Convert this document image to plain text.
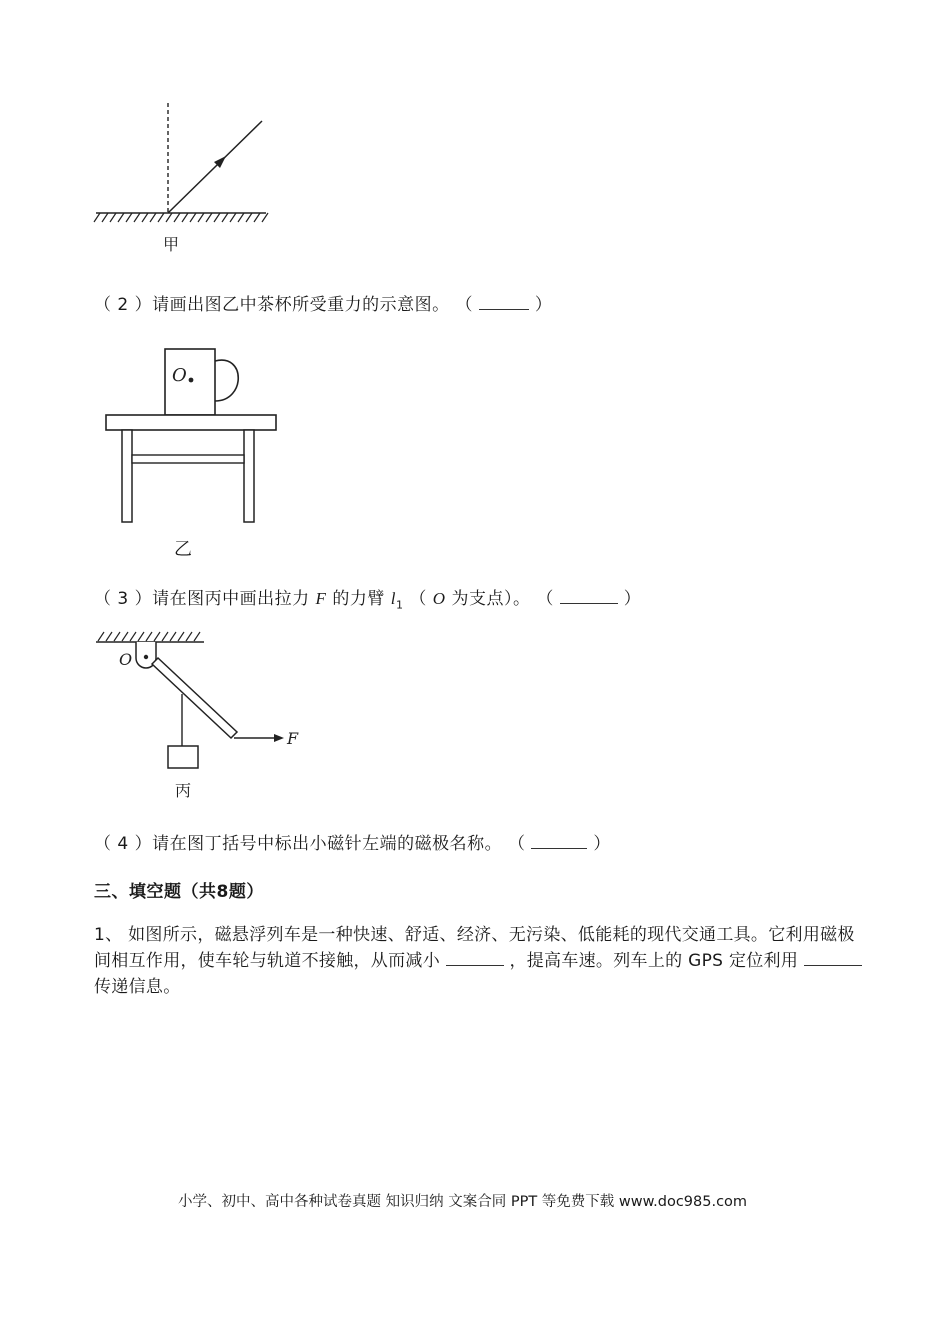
甲
（ 2 ）请画出图乙中茶杯所受重力的示意图。 （	）
O
乙
（ 3 ）请在图丙中画出拉力 F 的力臂 $l_1$ （ O 为支点）。 （	）
O
F
丙
（ 4 ）请在图丁括号中标出小磁针左端的磁极名称。 （	）
三、填空题（共8题）
1、 如图所示，磁悬浮列车是一种快速、舒适、经济、无污染、低能耗的现代交通工具。它利用磁极间相互作用，使车轮与轨道不接触，从而减小	，提高车速。列车上的 GPS 定位利用  传递信息。
小学、初中、高中各种试卷真题 知识归纳 文案合同 PPT 等免费下载 www.doc985.com
